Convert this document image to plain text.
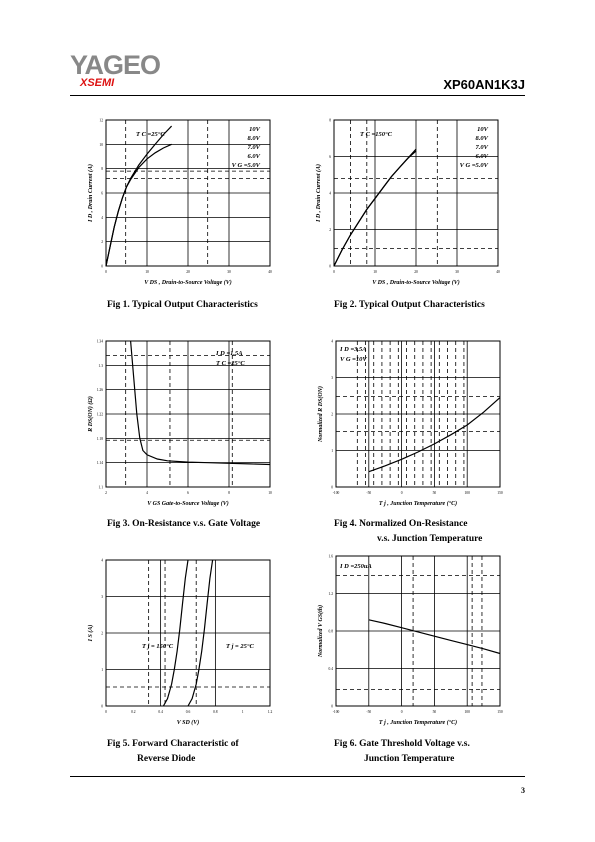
YAGEO
XSEMI	XP60AN1K3J
0	10	20	30	40
0
2
4
6
8
10
12
V DS , Drain-to-Source Voltage (V)
I D , Drain Current (A)
T C =25°C
10V
8.0V
7.0V
6.0V
V G =5.0V
0	10	20	30	40
0
2
4
6
8
V DS , Drain-to-Source Voltage (V)
I D , Drain Current (A)
T C =150°C
10V
8.0V
7.0V
6.0V
V G =5.0V
2	4	6	8	10
1.1
1.14
1.18
1.22
1.26
1.3
1.34
V GS Gate-to-Source Voltage (V)
R DS(ON) (Ω)
I D =1.5A
T C =25°C
-100	-50	0	50	100	150
0
1
2
3
4
T j , Junction Temperature (°C)
Normalized R DS(ON)
I D =3.5A
V G =10V
0	0.2	0.4	0.6	0.8	1	1.2
0
1
2
3
4
V SD (V)
I S (A)
T j = 150°C	T j = 25°C
-100	-50	0	50	100	150
0
0.4
0.8
1.2
1.6
T j , Junction Temperature (°C)
Normalized V GS(th)
I D =250uA
Fig 1. Typical Output Characteristics	Fig 2. Typical Output Characteristics
Fig 3. On-Resistance v.s. Gate Voltage	Fig 4. Normalized On-Resistance
v.s. Junction Temperature
Fig 5. Forward Characteristic of
Reverse Diode
Fig 6. Gate Threshold Voltage v.s.
Junction Temperature
3
